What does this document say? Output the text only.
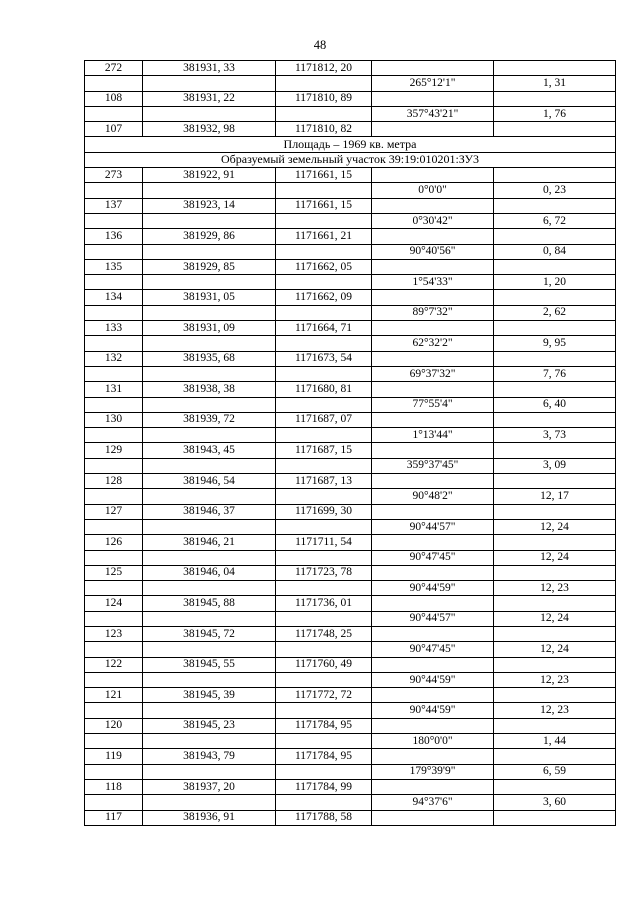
48
272	381931, 33	1171812, 20		
			265°12'1"	1, 31
108	381931, 22	1171810, 89		
			357°43'21"	1, 76
107	381932, 98	1171810, 82		
Площадь – 1969 кв. метра				
Образуемый земельный участок 39:19:010201:ЗУ3				
273	381922, 91	1171661, 15		
			0°0'0"	0, 23
137	381923, 14	1171661, 15		
			0°30'42"	6, 72
136	381929, 86	1171661, 21		
			90°40'56"	0, 84
135	381929, 85	1171662, 05		
			1°54'33"	1, 20
134	381931, 05	1171662, 09		
			89°7'32"	2, 62
133	381931, 09	1171664, 71		
			62°32'2"	9, 95
132	381935, 68	1171673, 54		
			69°37'32"	7, 76
131	381938, 38	1171680, 81		
			77°55'4"	6, 40
130	381939, 72	1171687, 07		
			1°13'44"	3, 73
129	381943, 45	1171687, 15		
			359°37'45"	3, 09
128	381946, 54	1171687, 13		
			90°48'2"	12, 17
127	381946, 37	1171699, 30		
			90°44'57"	12, 24
126	381946, 21	1171711, 54		
			90°47'45"	12, 24
125	381946, 04	1171723, 78		
			90°44'59"	12, 23
124	381945, 88	1171736, 01		
			90°44'57"	12, 24
123	381945, 72	1171748, 25		
			90°47'45"	12, 24
122	381945, 55	1171760, 49		
			90°44'59"	12, 23
121	381945, 39	1171772, 72		
			90°44'59"	12, 23
120	381945, 23	1171784, 95		
			180°0'0"	1, 44
119	381943, 79	1171784, 95		
			179°39'9"	6, 59
118	381937, 20	1171784, 99		
			94°37'6"	3, 60
117	381936, 91	1171788, 58		
